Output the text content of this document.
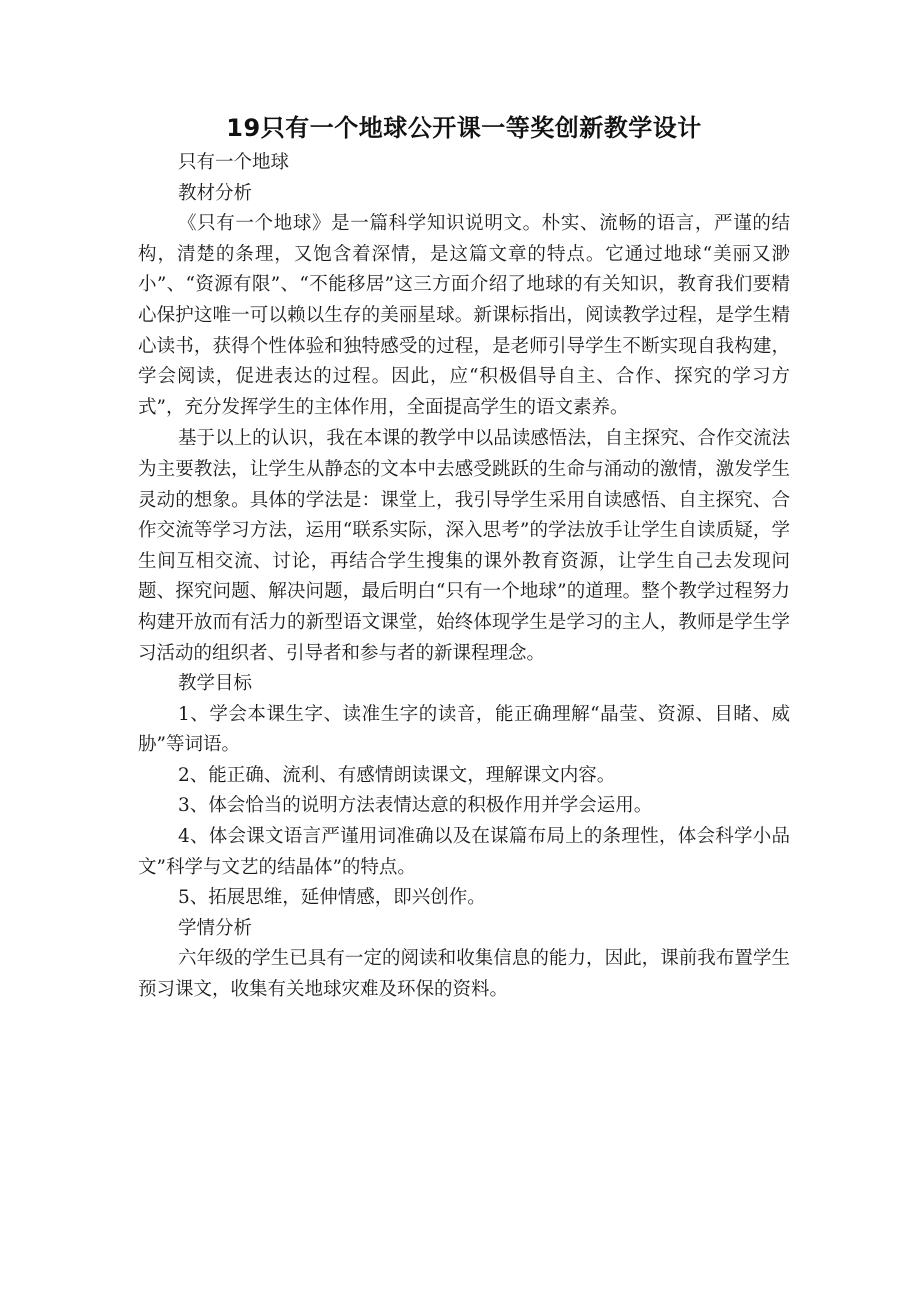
19只有一个地球公开课一等奖创新教学设计

只有一个地球

教材分析

《只有一个地球》是一篇科学知识说明文。朴实、流畅的语言，严谨的结构，清楚的条理，又饱含着深情，是这篇文章的特点。它通过地球“美丽又渺小”、“资源有限”、“不能移居”这三方面介绍了地球的有关知识，教育我们要精心保护这唯一可以赖以生存的美丽星球。新课标指出，阅读教学过程，是学生精心读书，获得个性体验和独特感受的过程，是老师引导学生不断实现自我构建，学会阅读，促进表达的过程。因此，应“积极倡导自主、合作、探究的学习方式”，充分发挥学生的主体作用，全面提高学生的语文素养。

基于以上的认识，我在本课的教学中以品读感悟法，自主探究、合作交流法为主要教法，让学生从静态的文本中去感受跳跃的生命与涌动的激情，激发学生灵动的想象。具体的学法是：课堂上，我引导学生采用自读感悟、自主探究、合作交流等学习方法，运用“联系实际，深入思考”的学法放手让学生自读质疑，学生间互相交流、讨论，再结合学生搜集的课外教育资源，让学生自己去发现问题、探究问题、解决问题，最后明白“只有一个地球”的道理。整个教学过程努力构建开放而有活力的新型语文课堂，始终体现学生是学习的主人，教师是学生学习活动的组织者、引导者和参与者的新课程理念。

教学目标

1、学会本课生字、读准生字的读音，能正确理解“晶莹、资源、目睹、威胁”等词语。

2、能正确、流利、有感情朗读课文，理解课文内容。

3、体会恰当的说明方法表情达意的积极作用并学会运用。

4、体会课文语言严谨用词准确以及在谋篇布局上的条理性，体会科学小品文”科学与文艺的结晶体”的特点。

5、拓展思维，延伸情感，即兴创作。

学情分析

六年级的学生已具有一定的阅读和收集信息的能力，因此，课前我布置学生预习课文，收集有关地球灾难及环保的资料。
